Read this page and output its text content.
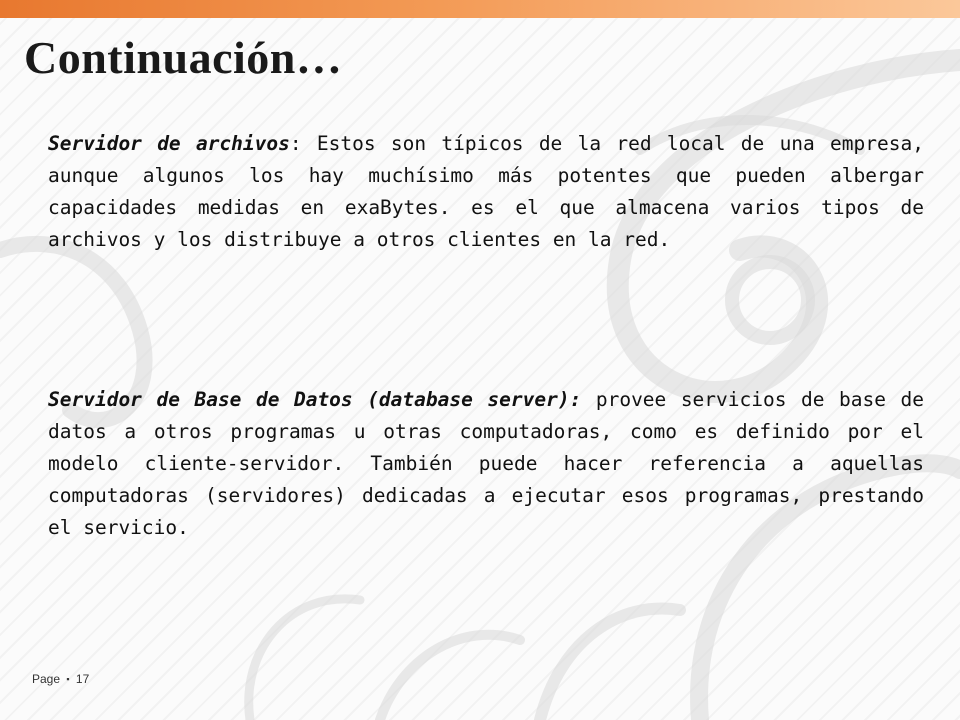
Continuación…

Servidor de archivos: Estos son típicos de la red local de una empresa, aunque algunos los hay muchísimo más potentes que pueden albergar capacidades medidas en exaBytes. es el que almacena varios tipos de archivos y los distribuye a otros clientes en la red.

Servidor de Base de Datos (database server): provee servicios de base de datos a otros programas u otras computadoras, como es definido por el modelo cliente-servidor. También puede hacer referencia a aquellas computadoras (servidores) dedicadas a ejecutar esos programas, prestando el servicio.

Page ▪ 17
